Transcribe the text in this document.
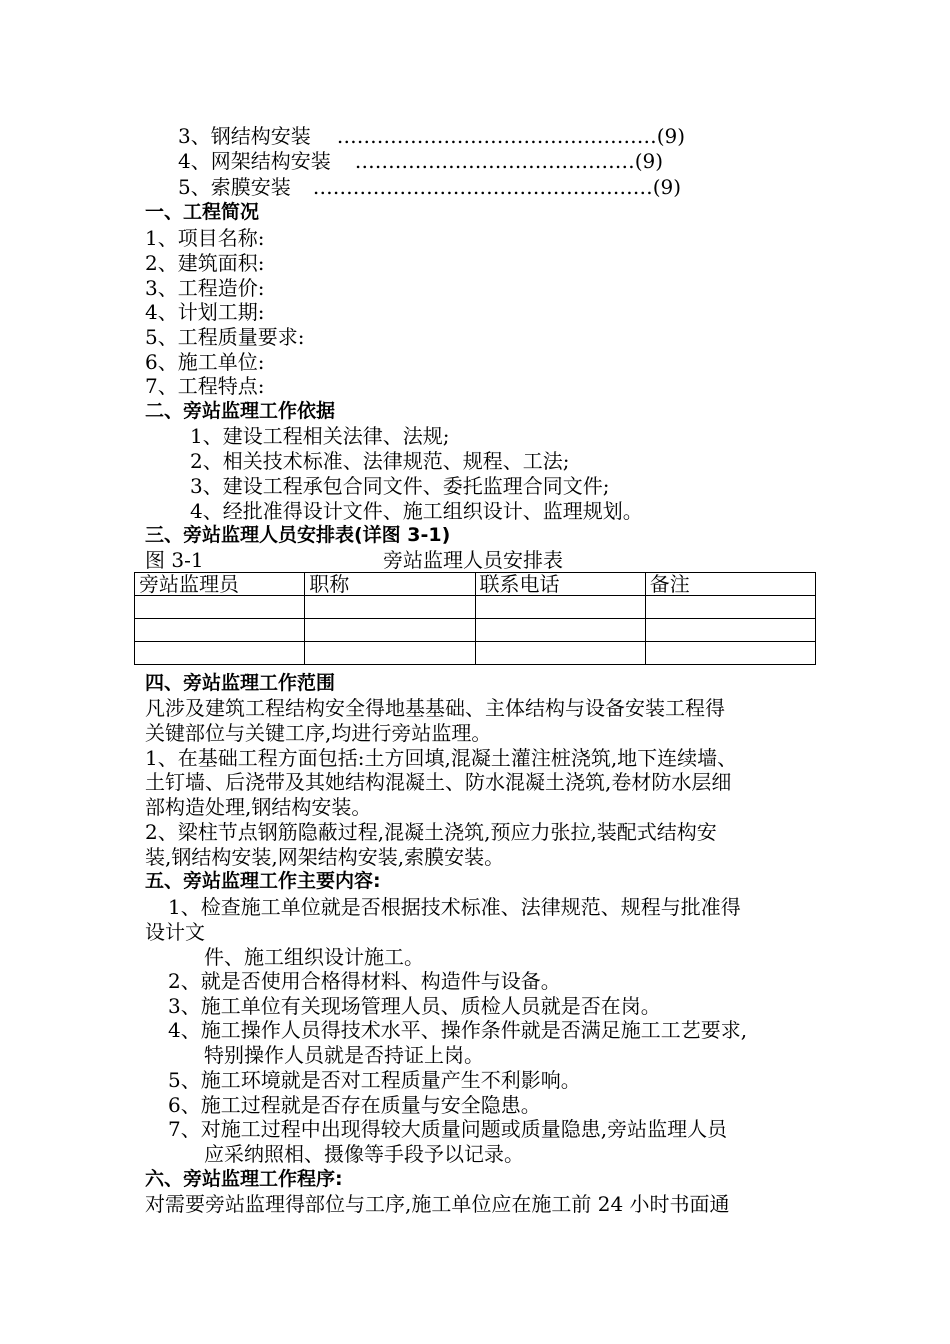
3、钢结构安装 ………………………………………… (9)
4、网架结构安装 …………………………………… (9)
5、索膜安装 …………………………………………… (9)
一、工程简况
1、项目名称:
2、建筑面积:
3、工程造价:
4、计划工期:
5、工程质量要求:
6、施工单位:
7、工程特点:
二、旁站监理工作依据
1、建设工程相关法律、法规;
2、相关技术标准、法律规范、规程、工法;
3、建设工程承包合同文件、委托监理合同文件;
4、经批准得设计文件、施工组织设计、监理规划。
三、旁站监理人员安排表(详图 3-1)
图 3-1	旁站监理人员安排表
旁站监理员	职称	联系电话	备注

四、旁站监理工作范围
凡涉及建筑工程结构安全得地基基础、主体结构与设备安装工程得
关键部位与关键工序,均进行旁站监理。
1、在基础工程方面包括:土方回填,混凝土灌注桩浇筑,地下连续墙、
土钉墙、后浇带及其她结构混凝土、防水混凝土浇筑,卷材防水层细
部构造处理,钢结构安装。
2、梁柱节点钢筋隐蔽过程,混凝土浇筑,预应力张拉,装配式结构安
装,钢结构安装,网架结构安装,索膜安装。
五、旁站监理工作主要内容:
1、检查施工单位就是否根据技术标准、法律规范、规程与批准得
设计文
件、施工组织设计施工。
2、就是否使用合格得材料、构造件与设备。
3、施工单位有关现场管理人员、质检人员就是否在岗。
4、施工操作人员得技术水平、操作条件就是否满足施工工艺要求,
特别操作人员就是否持证上岗。
5、施工环境就是否对工程质量产生不利影响。
6、施工过程就是否存在质量与安全隐患。
7、对施工过程中出现得较大质量问题或质量隐患,旁站监理人员
应采纳照相、摄像等手段予以记录。
六、旁站监理工作程序:
对需要旁站监理得部位与工序,施工单位应在施工前 24 小时书面通
